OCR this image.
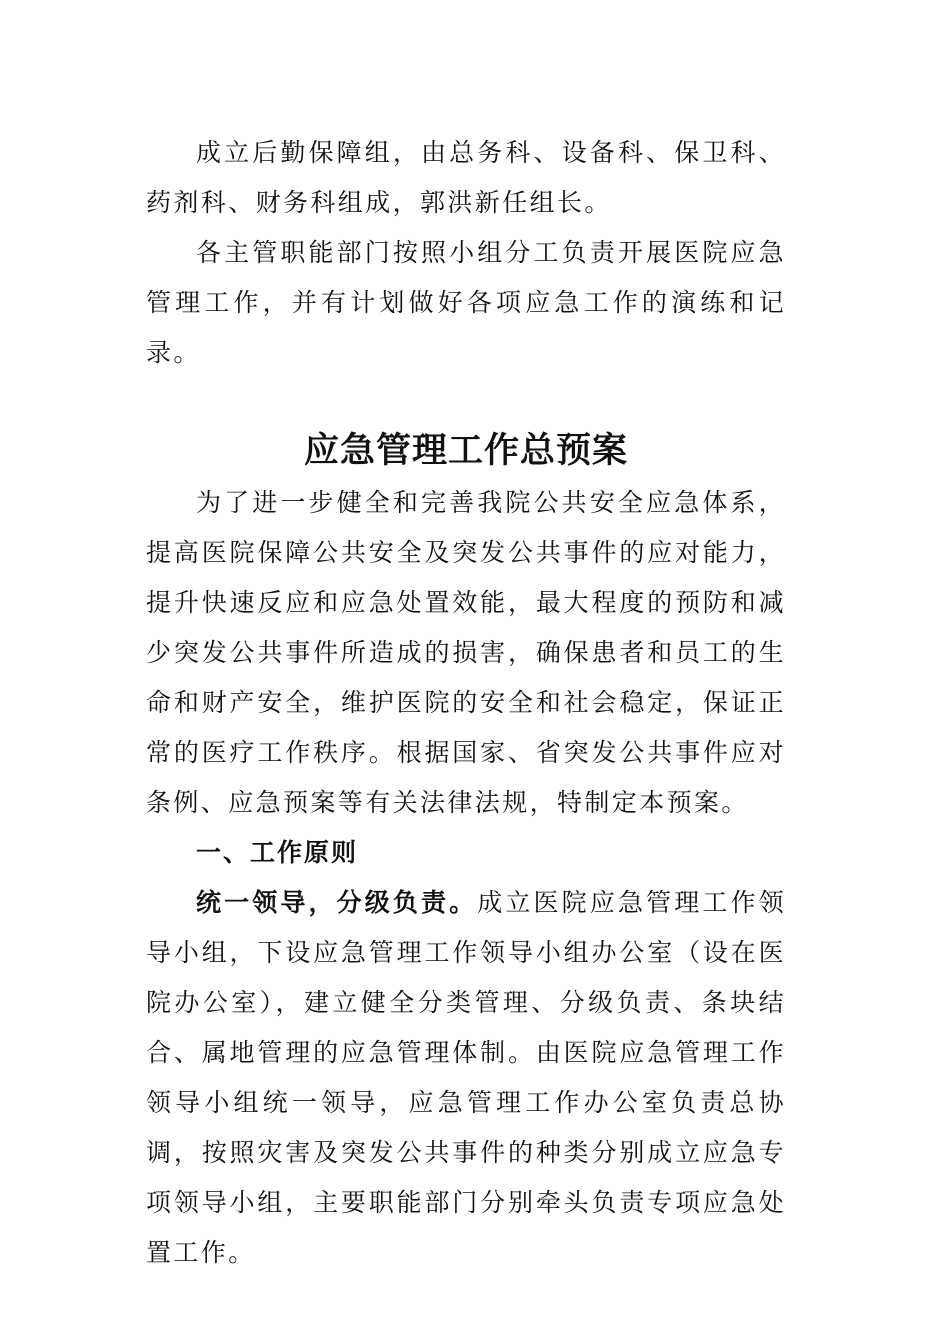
成立后勤保障组，由总务科、设备科、保卫科、药剂科、财务科组成，郭洪新任组长。

各主管职能部门按照小组分工负责开展医院应急管理工作，并有计划做好各项应急工作的演练和记录。

应急管理工作总预案

为了进一步健全和完善我院公共安全应急体系，提高医院保障公共安全及突发公共事件的应对能力，提升快速反应和应急处置效能，最大程度的预防和减少突发公共事件所造成的损害，确保患者和员工的生命和财产安全，维护医院的安全和社会稳定，保证正常的医疗工作秩序。根据国家、省突发公共事件应对条例、应急预案等有关法律法规，特制定本预案。

一、工作原则

统一领导，分级负责。成立医院应急管理工作领导小组，下设应急管理工作领导小组办公室（设在医院办公室），建立健全分类管理、分级负责、条块结合、属地管理的应急管理体制。由医院应急管理工作领导小组统一领导，应急管理工作办公室负责总协调，按照灾害及突发公共事件的种类分别成立应急专项领导小组，主要职能部门分别牵头负责专项应急处置工作。
